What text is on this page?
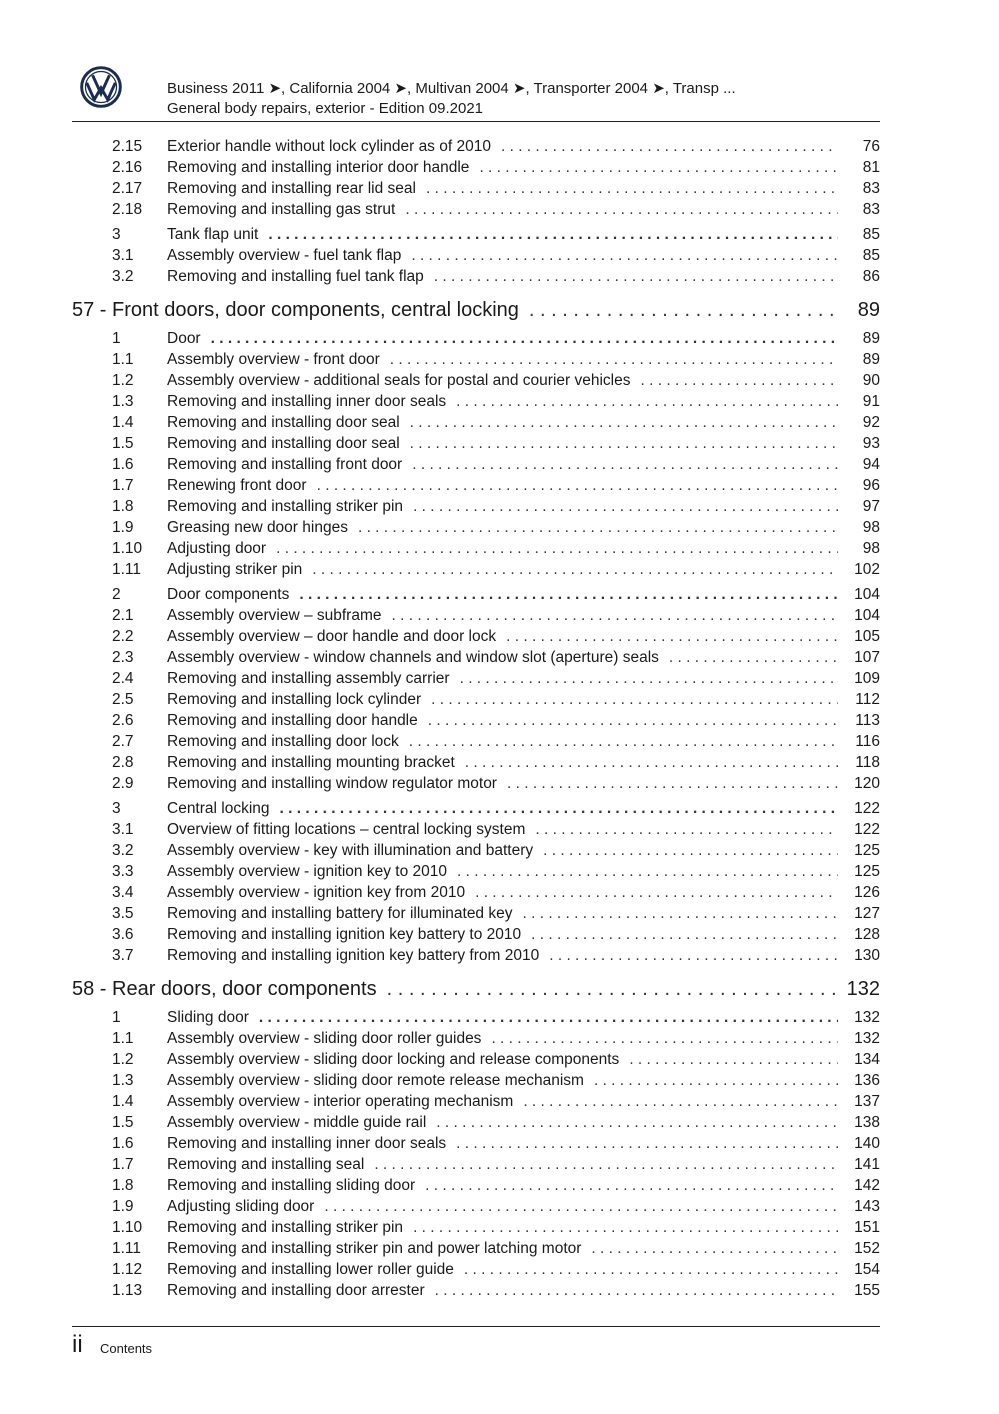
Business 2011 ➤, California 2004 ➤, Multivan 2004 ➤, Transporter 2004 ➤, Transp ...
General body repairs, exterior - Edition 09.2021
2.15	Exterior handle without lock cylinder as of 2010 . . .	76
2.16	Removing and installing interior door handle . . .	81
2.17	Removing and installing rear lid seal . . .	83
2.18	Removing and installing gas strut . . .	83
3	Tank flap unit . . .	85
3.1	Assembly overview - fuel tank flap . . .	85
3.2	Removing and installing fuel tank flap . . .	86
57 - Front doors, door components, central locking . . .	89
1	Door . . .	89
1.1	Assembly overview - front door . . .	89
1.2	Assembly overview - additional seals for postal and courier vehicles . . .	90
1.3	Removing and installing inner door seals . . .	91
1.4	Removing and installing door seal . . .	92
1.5	Removing and installing door seal . . .	93
1.6	Removing and installing front door . . .	94
1.7	Renewing front door . . .	96
1.8	Removing and installing striker pin . . .	97
1.9	Greasing new door hinges . . .	98
1.10	Adjusting door . . .	98
1.11	Adjusting striker pin . . .	102
2	Door components . . .	104
2.1	Assembly overview – subframe . . .	104
2.2	Assembly overview – door handle and door lock . . .	105
2.3	Assembly overview - window channels and window slot (aperture) seals . . .	107
2.4	Removing and installing assembly carrier . . .	109
2.5	Removing and installing lock cylinder . . .	112
2.6	Removing and installing door handle . . .	113
2.7	Removing and installing door lock . . .	116
2.8	Removing and installing mounting bracket . . .	118
2.9	Removing and installing window regulator motor . . .	120
3	Central locking . . .	122
3.1	Overview of fitting locations – central locking system . . .	122
3.2	Assembly overview - key with illumination and battery . . .	125
3.3	Assembly overview - ignition key to 2010 . . .	125
3.4	Assembly overview - ignition key from 2010 . . .	126
3.5	Removing and installing battery for illuminated key . . .	127
3.6	Removing and installing ignition key battery to 2010 . . .	128
3.7	Removing and installing ignition key battery from 2010 . . .	130
58 - Rear doors, door components . . .	132
1	Sliding door . . .	132
1.1	Assembly overview - sliding door roller guides . . .	132
1.2	Assembly overview - sliding door locking and release components . . .	134
1.3	Assembly overview - sliding door remote release mechanism . . .	136
1.4	Assembly overview - interior operating mechanism . . .	137
1.5	Assembly overview - middle guide rail . . .	138
1.6	Removing and installing inner door seals . . .	140
1.7	Removing and installing seal . . .	141
1.8	Removing and installing sliding door . . .	142
1.9	Adjusting sliding door . . .	143
1.10	Removing and installing striker pin . . .	151
1.11	Removing and installing striker pin and power latching motor . . .	152
1.12	Removing and installing lower roller guide . . .	154
1.13	Removing and installing door arrester . . .	155
ii Contents
